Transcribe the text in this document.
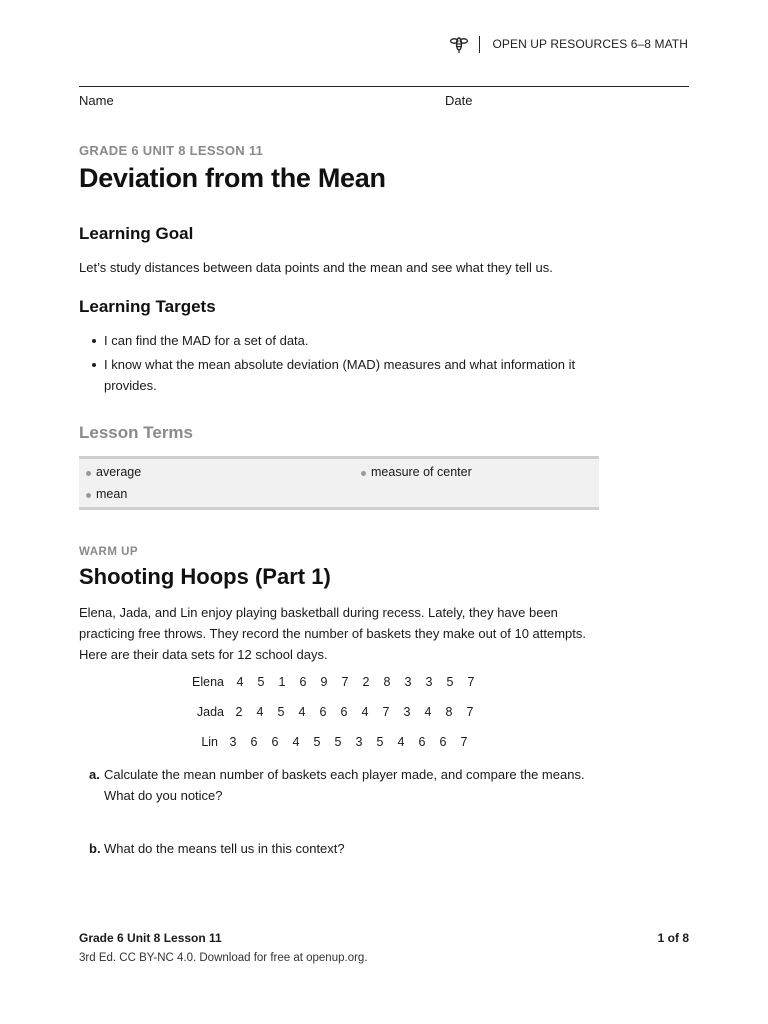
OPEN UP RESOURCES 6–8 MATH
Name	Date
GRADE 6 UNIT 8 LESSON 11
Deviation from the Mean
Learning Goal

Let’s study distances between data points and the mean and see what they tell us.

Learning Targets
I can find the MAD for a set of data.
I know what the mean absolute deviation (MAD) measures and what information it provides.
Lesson Terms
average
mean
measure of center
WARM UP
Shooting Hoops (Part 1)

Elena, Jada, and Lin enjoy playing basketball during recess. Lately, they have been practicing free throws. They record the number of baskets they make out of 10 attempts. Here are their data sets for 12 school days.

Elena 4 5 1 6 9 7 2 8 3 3 5 7
Jada 2 4 5 4 6 6 4 7 3 4 8 7
Lin 3 6 6 4 5 5 3 5 4 6 6 7
a. Calculate the mean number of baskets each player made, and compare the means. What do you notice?
b. What do the means tell us in this context?
Grade 6 Unit 8 Lesson 11	1 of 8
3rd Ed. CC BY-NC 4.0. Download for free at openup.org.
